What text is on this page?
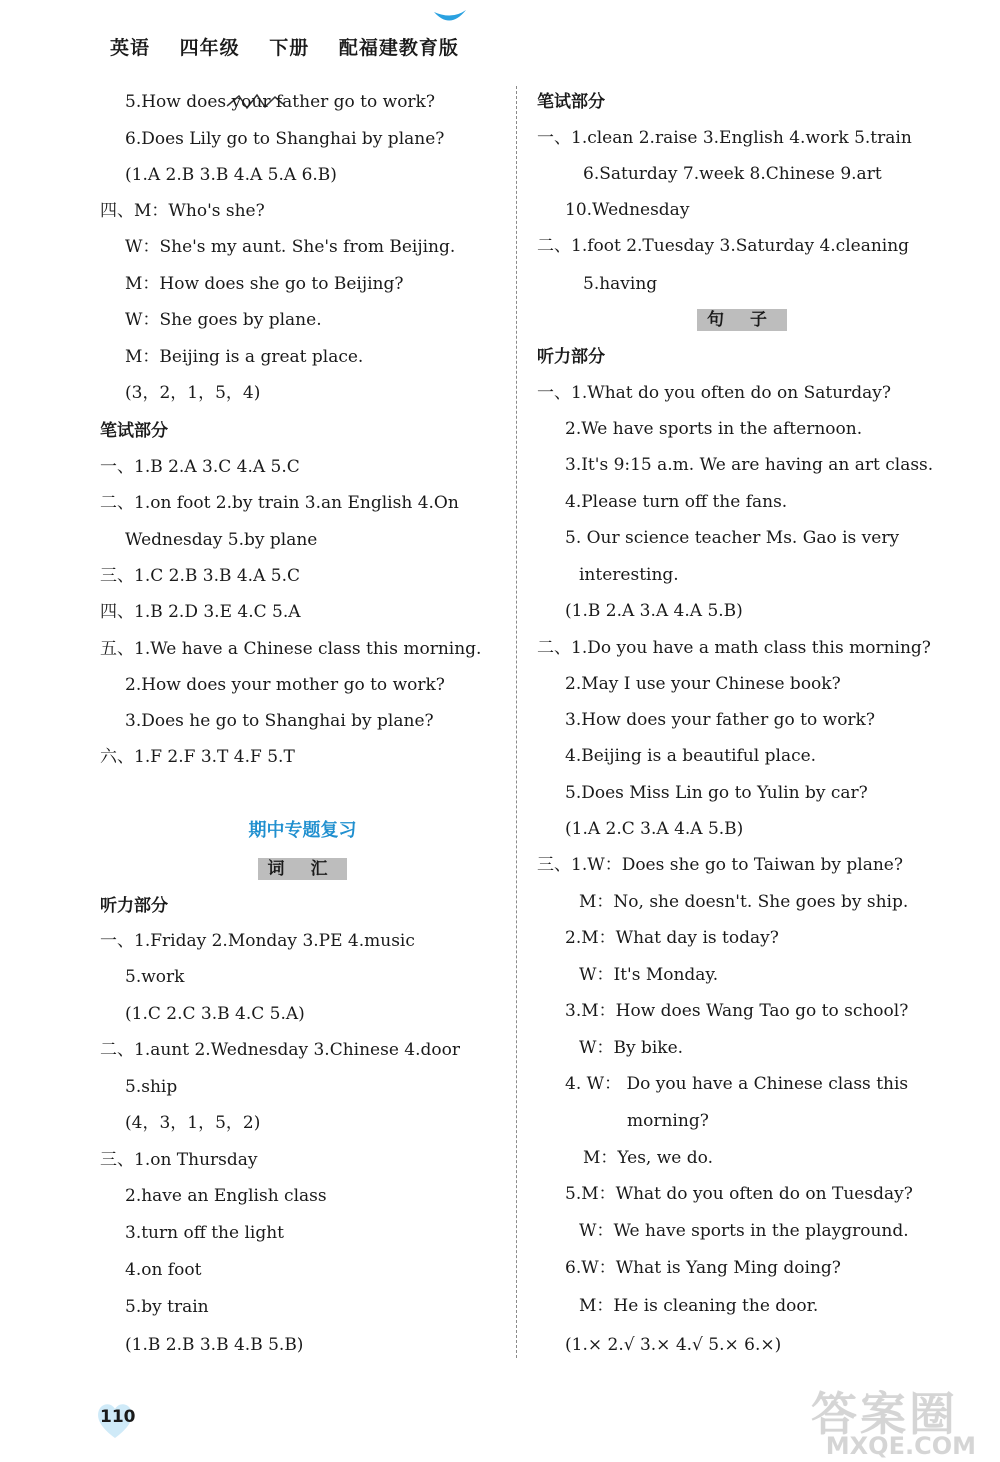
英语 四年级 下册 配福建教育版
5.How does your father go to work?
6.Does Lily go to Shanghai by plane?
(1.A 2.B 3.B 4.A 5.A 6.B)
四、M：Who's she?
W：She's my aunt. She's from Beijing.
M：How does she go to Beijing?
W：She goes by plane.
M：Beijing is a great place.
(3，2，1，5，4)
笔试部分
一、1.B 2.A 3.C 4.A 5.C
二、1.on foot 2.by train 3.an English 4.On
Wednesday 5.by plane
三、1.C 2.B 3.B 4.A 5.C
四、1.B 2.D 3.E 4.C 5.A
五、1.We have a Chinese class this morning.
2.How does your mother go to work?
3.Does he go to Shanghai by plane?
六、1.F 2.F 3.T 4.F 5.T
期中专题复习
词 汇
听力部分
一、1.Friday 2.Monday 3.PE 4.music
5.work
(1.C 2.C 3.B 4.C 5.A)
二、1.aunt 2.Wednesday 3.Chinese 4.door
5.ship
(4，3，1，5，2)
三、1.on Thursday
2.have an English class
3.turn off the light
4.on foot
5.by train
(1.B 2.B 3.B 4.B 5.B)
笔试部分
一、1.clean 2.raise 3.English 4.work 5.train
6.Saturday 7.week 8.Chinese 9.art
10.Wednesday
二、1.foot 2.Tuesday 3.Saturday 4.cleaning
5.having
句 子
听力部分
一、1.What do you often do on Saturday?
2.We have sports in the afternoon.
3.It's 9:15 a.m. We are having an art class.
4.Please turn off the fans.
5. Our science teacher Ms. Gao is very
interesting.
(1.B 2.A 3.A 4.A 5.B)
二、1.Do you have a math class this morning?
2.May I use your Chinese book?
3.How does your father go to work?
4.Beijing is a beautiful place.
5.Does Miss Lin go to Yulin by car?
(1.A 2.C 3.A 4.A 5.B)
三、1.W：Does she go to Taiwan by plane?
M：No, she doesn't. She goes by ship.
2.M：What day is today?
W：It's Monday.
3.M：How does Wang Tao go to school?
W：By bike.
4. W： Do you have a Chinese class this
morning?
M：Yes, we do.
5.M：What do you often do on Tuesday?
W：We have sports in the playground.
6.W：What is Yang Ming doing?
M：He is cleaning the door.
(1.× 2.√ 3.× 4.√ 5.× 6.×)
110	答案圈
MXQE.COM
